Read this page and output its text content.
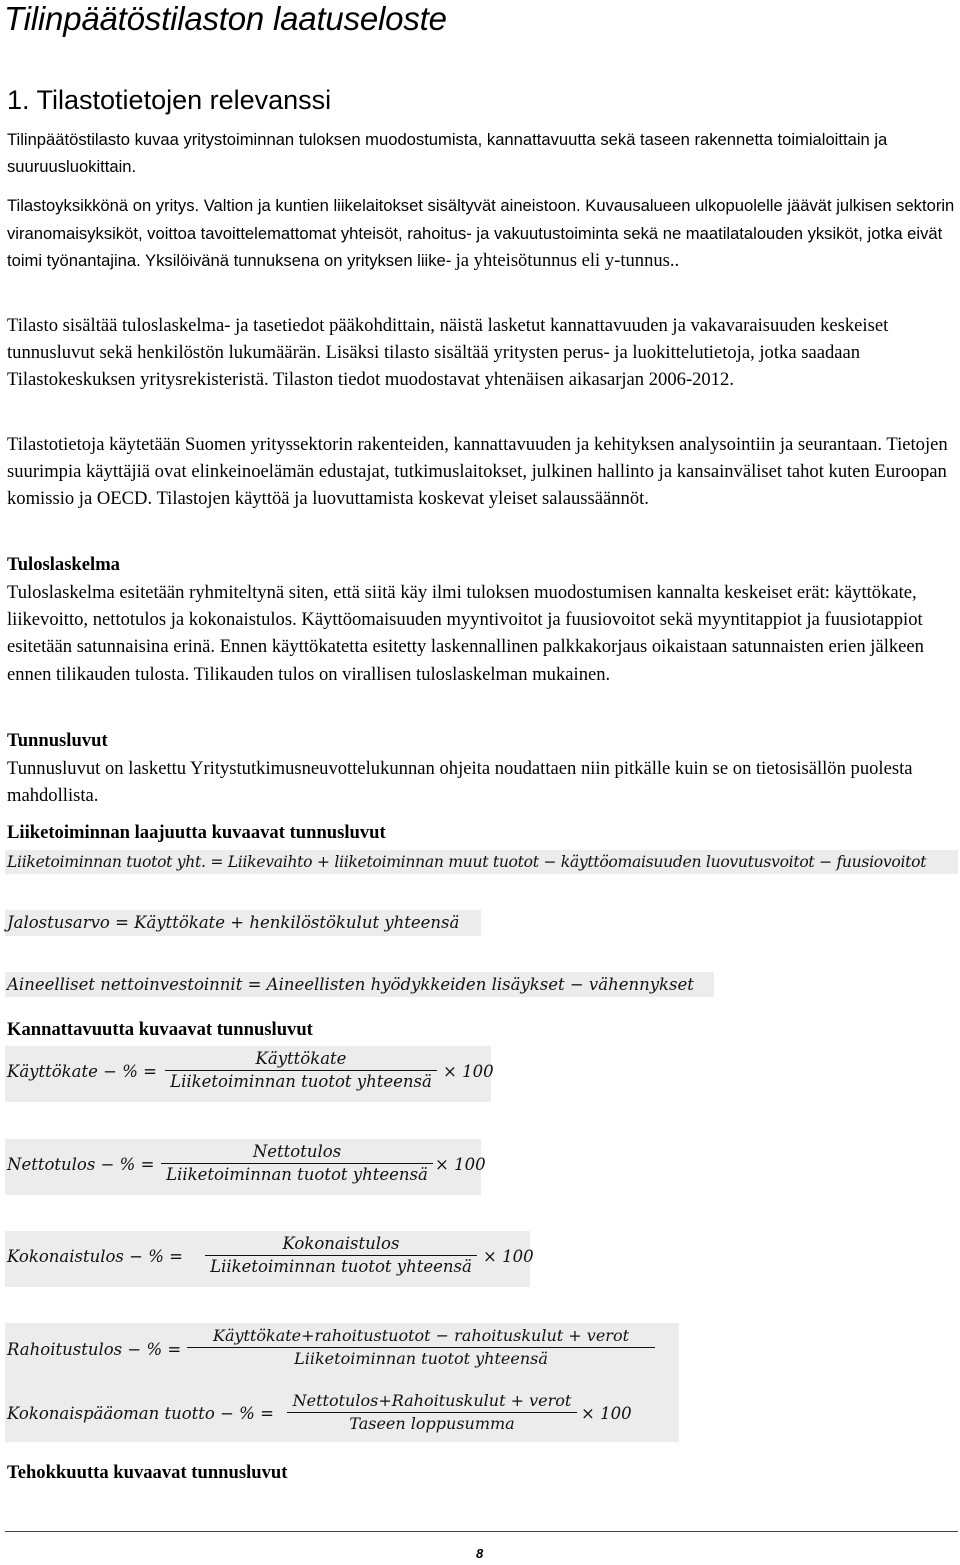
Tilinpäätöstilaston laatuseloste
1. Tilastotietojen relevanssi

Tilinpäätöstilasto kuvaa yritystoiminnan tuloksen muodostumista, kannattavuutta sekä taseen rakennetta toimialoittain ja suuruusluokittain.

Tilastoyksikkönä on yritys. Valtion ja kuntien liikelaitokset sisältyvät aineistoon. Kuvausalueen ulkopuolelle jäävät julkisen sektorin viranomaisyksiköt, voittoa tavoittelemattomat yhteisöt, rahoitus- ja vakuutustoiminta sekä ne maatilatalouden yksiköt, jotka eivät toimi työnantajina. Yksilöivänä tunnuksena on yrityksen liike- ja yhteisötunnus eli y-tunnus..

Tilasto sisältää tuloslaskelma- ja tasetiedot pääkohdittain, näistä lasketut kannattavuuden ja vakavaraisuuden keskeiset tunnusluvut sekä henkilöstön lukumäärän. Lisäksi tilasto sisältää yritysten perus- ja luokittelutietoja, jotka saadaan Tilastokeskuksen yritysrekisteristä. Tilaston tiedot muodostavat yhtenäisen aikasarjan 2006-2012.

Tilastotietoja käytetään Suomen yrityssektorin rakenteiden, kannattavuuden ja kehityksen analysointiin ja seurantaan. Tietojen suurimpia käyttäjiä ovat elinkeinoelämän edustajat, tutkimuslaitokset, julkinen hallinto ja kansainväliset tahot kuten Euroopan komissio ja OECD. Tilastojen käyttöä ja luovuttamista koskevat yleiset salaussäännöt.

Tuloslaskelma

Tuloslaskelma esitetään ryhmiteltynä siten, että siitä käy ilmi tuloksen muodostumisen kannalta keskeiset erät: käyttökate, liikevoitto, nettotulos ja kokonaistulos. Käyttöomaisuuden myyntivoitot ja fuusiovoitot sekä myyntitappiot ja fuusiotappiot esitetään satunnaisina erinä. Ennen käyttökatetta esitetty laskennallinen palkkakorjaus oikaistaan satunnaisten erien jälkeen ennen tilikauden tulosta. Tilikauden tulos on virallisen tuloslaskelman mukainen.

Tunnusluvut

Tunnusluvut on laskettu Yritystutkimusneuvottelukunnan ohjeita noudattaen niin pitkälle kuin se on tietosisällön puolesta mahdollista.

Liiketoiminnan laajuutta kuvaavat tunnusluvut
Liiketoiminnan tuotot yht. = Liikevaihto + liiketoiminnan muut tuotot − käyttöomaisuuden luovutusvoitot − fuusiovoitot
Jalostusarvo = Käyttökate + henkilöstökulut yhteensä
Aineelliset nettoinvestoinnit = Aineellisten hyödykkeiden lisäykset − vähennykset
Kannattavuutta kuvaavat tunnusluvut
Käyttökate − % =
Käyttökate
Liiketoiminnan tuotot yhteensä
× 100
Nettotulos − % =
Nettotulos
Liiketoiminnan tuotot yhteensä
× 100
Kokonaistulos − % =
Kokonaistulos
Liiketoiminnan tuotot yhteensä
× 100
Rahoitustulos − % =
Käyttökate+rahoitustuotot − rahoituskulut + verot
Liiketoiminnan tuotot yhteensä
Kokonaispääoman tuotto − % =
Nettotulos+Rahoituskulut + verot
Taseen loppusumma
× 100
Tehokkuutta kuvaavat tunnusluvut
8
